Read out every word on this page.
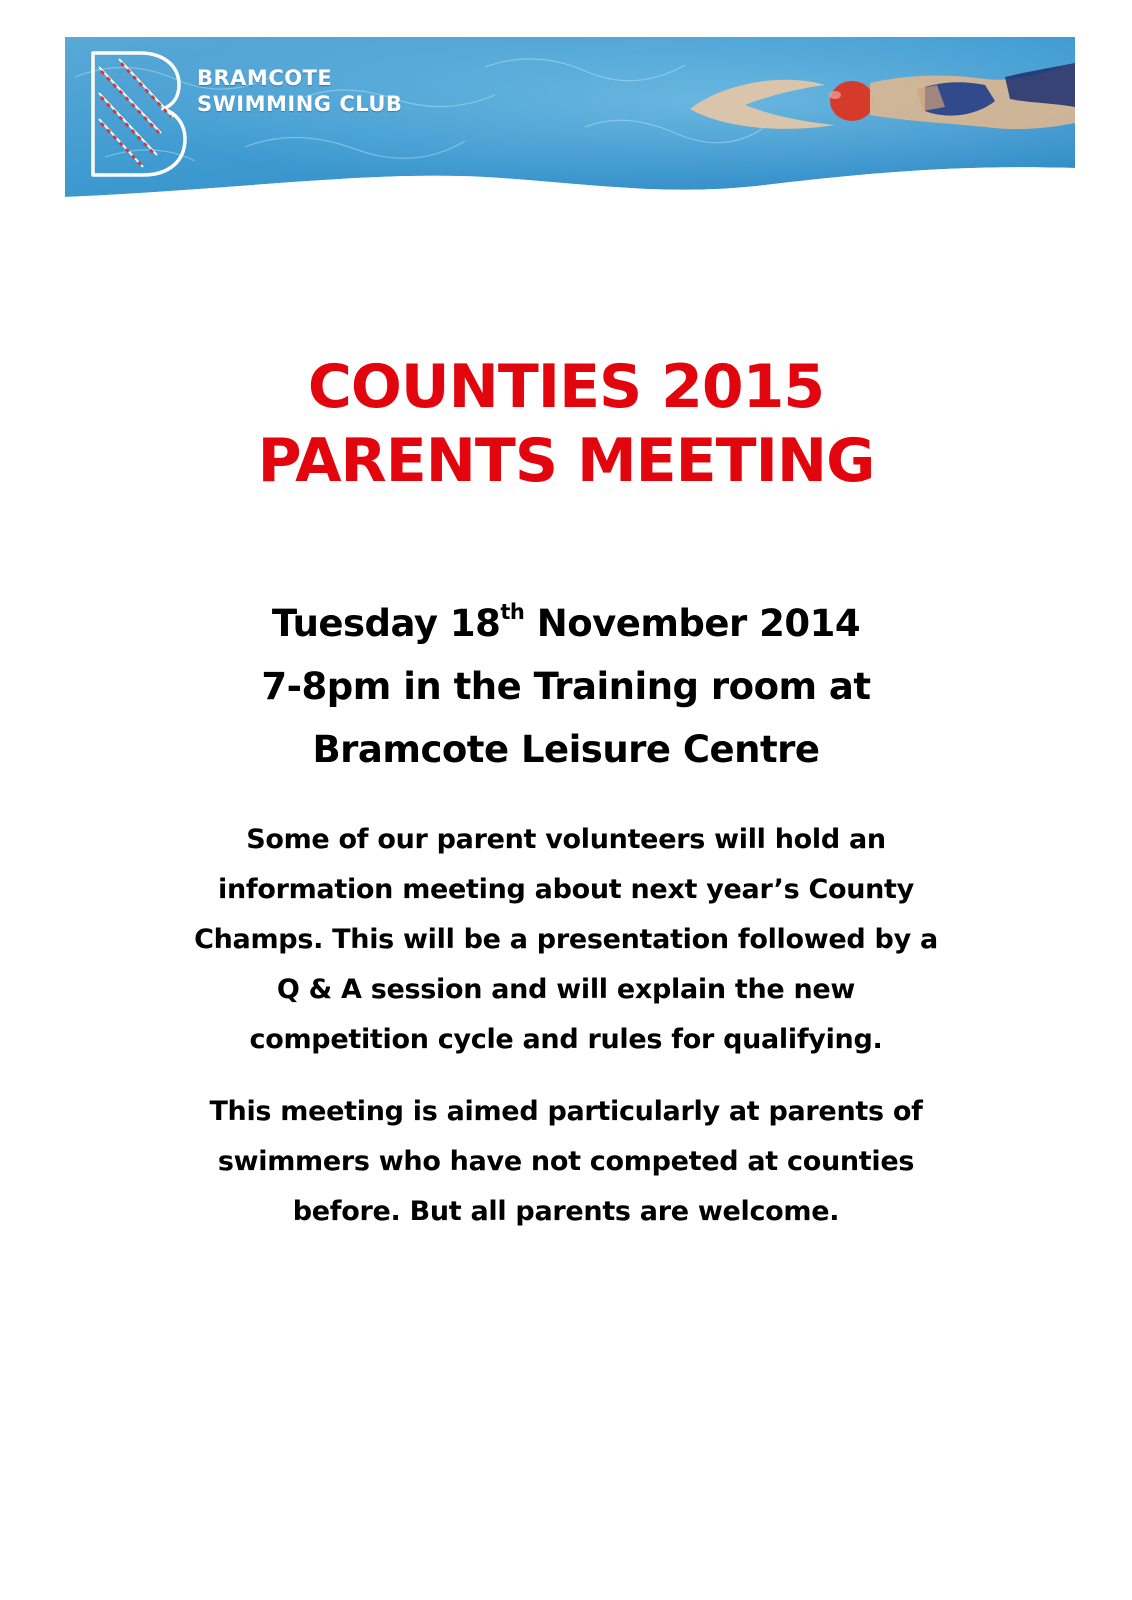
BRAMCOTE
SWIMMING CLUB
COUNTIES 2015
PARENTS MEETING
Tuesday 18th November 2014
7-8pm in the Training room at
Bramcote Leisure Centre
Some of our parent volunteers will hold an
information meeting about next year’s County
Champs. This will be a presentation followed by a
Q & A session and will explain the new
competition cycle and rules for qualifying.
This meeting is aimed particularly at parents of
swimmers who have not competed at counties
before. But all parents are welcome.
